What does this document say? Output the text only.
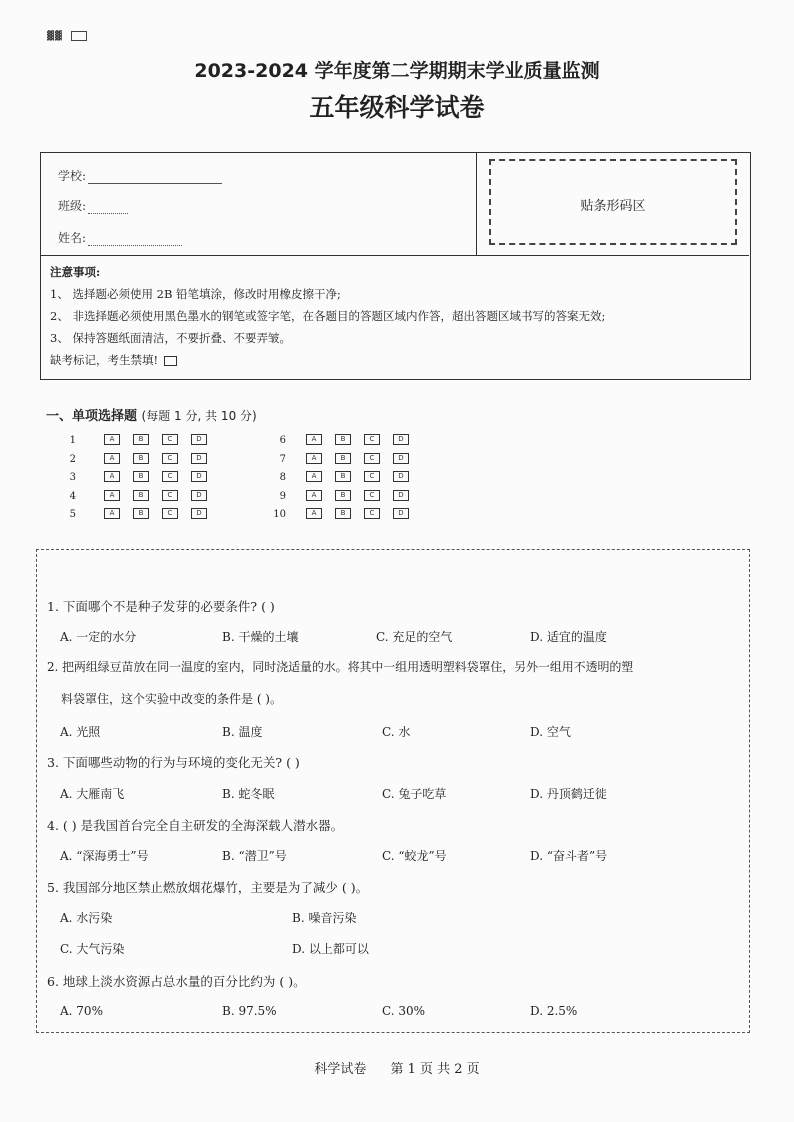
▓▓
2023-2024 学年度第二学期期末学业质量监测
五年级科学试卷
学校:
班级:
姓名:
贴条形码区
注意事项:
1、 选择题必须使用 2B 铅笔填涂，修改时用橡皮擦干净;
2、 非选择题必须使用黑色墨水的钢笔或签字笔，在各题目的答题区域内作答，超出答题区域书写的答案无效;
3、 保持答题纸面清洁，不要折叠、不要弄皱。
缺考标记，考生禁填!
一、单项选择题 (每题 1 分, 共 10 分)
1	A	B	C	D
2	A	B	C	D
3	A	B	C	D
4	A	B	C	D
5	A	B	C	D
6	A	B	C	D
7	A	B	C	D
8	A	B	C	D
9	A	B	C	D
10	A	B	C	D
1. 下面哪个不是种子发芽的必要条件? ( )
A. 一定的水分	B. 干燥的土壤	C. 充足的空气	D. 适宜的温度
2. 把两组绿豆苗放在同一温度的室内，同时浇适量的水。将其中一组用透明塑料袋罩住，另外一组用不透明的塑
料袋罩住，这个实验中改变的条件是 ( )。
A. 光照	B. 温度	C. 水	D. 空气
3. 下面哪些动物的行为与环境的变化无关? ( )
A. 大雁南飞	B. 蛇冬眠	C. 兔子吃草	D. 丹顶鹤迁徙
4. ( ) 是我国首台完全自主研发的全海深载人潜水器。
A. “深海勇士”号	B. “潜卫”号	C. “蛟龙”号	D. “奋斗者”号
5. 我国部分地区禁止燃放烟花爆竹，主要是为了减少 ( )。
A. 水污染	B. 噪音污染
C. 大气污染	D. 以上都可以
6. 地球上淡水资源占总水量的百分比约为 ( )。
A. 70%	B. 97.5%	C. 30%	D. 2.5%
科学试卷 第 1 页 共 2 页
